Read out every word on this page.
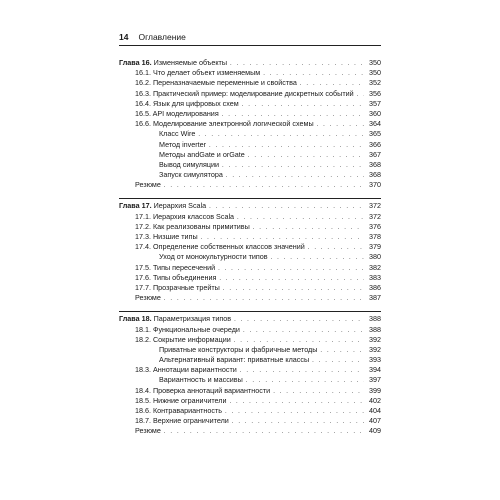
14 Оглавление
Глава 16. Изменяемые объекты . . .	350
16.1. Что делает объект изменяемым . . .	350
16.2. Переназначаемые переменные и свойства . . .	352
16.3. Практический пример: моделирование дискретных событий . . . 356
16.4. Язык для цифровых схем . . .	357
16.5. API моделирования . . .	360
16.6. Моделирование электронной логической схемы . . .	364
Класс Wire . . .	365
Метод inverter . . .	366
Методы andGate и orGate . . .	367
Вывод симуляции . . .	368
Запуск симулятора . . .	368
Резюме . . .	370
Глава 17. Иерархия Scala . . .	372
17.1. Иерархия классов Scala . . .	372
17.2. Как реализованы примитивы . . .	376
17.3. Низшие типы . . .	378
17.4. Определение собственных классов значений . . .	379
Уход от монокультурности типов . . .	380
17.5. Типы пересечений . . .	382
17.6. Типы объединения . . .	383
17.7. Прозрачные трейты . . .	386
Резюме . . .	387
Глава 18. Параметризация типов . . .	388
18.1. Функциональные очереди . . .	388
18.2. Сокрытие информации . . .	392
Приватные конструкторы и фабричные методы . . .	392
Альтернативный вариант: приватные классы . . .	393
18.3. Аннотации вариантности . . .	394
Вариантность и массивы . . .	397
18.4. Проверка аннотаций вариантности . . .	399
18.5. Нижние ограничители . . .	402
18.6. Контравариантность . . .	404
18.7. Верхние ограничители . . .	407
Резюме . . .	409
